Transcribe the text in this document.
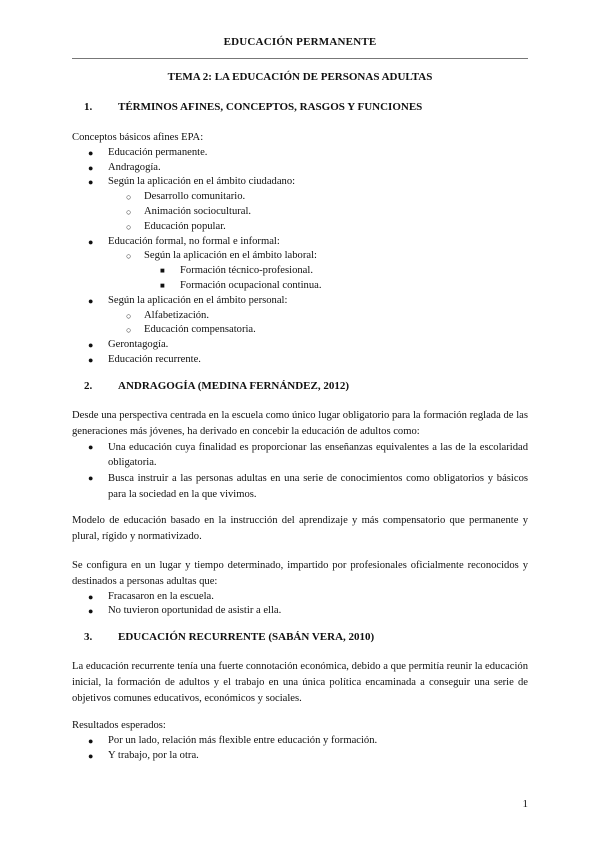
EDUCACIÓN PERMANENTE
TEMA 2: LA EDUCACIÓN DE PERSONAS ADULTAS
1.	TÉRMINOS AFINES, CONCEPTOS, RASGOS Y FUNCIONES

Conceptos básicos afines EPA:

● Educación permanente.
● Andragogía.
● Según la aplicación en el ámbito ciudadano:
○ Desarrollo comunitario.
○ Animación sociocultural.
○ Educación popular.
● Educación formal, no formal e informal:
○ Según la aplicación en el ámbito laboral:
■ Formación técnico-profesional.
■ Formación ocupacional continua.
● Según la aplicación en el ámbito personal:
○ Alfabetización.
○ Educación compensatoria.
● Gerontagogía.
● Educación recurrente.
2.	ANDRAGOGÍA (MEDINA FERNÁNDEZ, 2012)

Desde una perspectiva centrada en la escuela como único lugar obligatorio para la formación reglada de las generaciones más jóvenes, ha derivado en concebir la educación de adultos como:

● Una educación cuya finalidad es proporcionar las enseñanzas equivalentes a las de la escolaridad obligatoria.
● Busca instruir a las personas adultas en una serie de conocimientos como obligatorios y básicos para la sociedad en la que vivimos.

Modelo de educación basado en la instrucción del aprendizaje y más compensatorio que permanente y plural, rígido y normativizado.

Se configura en un lugar y tiempo determinado, impartido por profesionales oficialmente reconocidos y destinados a personas adultas que:

● Fracasaron en la escuela.
● No tuvieron oportunidad de asistir a ella.
3.	EDUCACIÓN RECURRENTE (SABÁN VERA, 2010)

La educación recurrente tenía una fuerte connotación económica, debido a que permitía reunir la educación inicial, la formación de adultos y el trabajo en una única política encaminada a conseguir una serie de objetivos comunes educativos, económicos y sociales.

Resultados esperados:

● Por un lado, relación más flexible entre educación y formación.
● Y trabajo, por la otra.
1
